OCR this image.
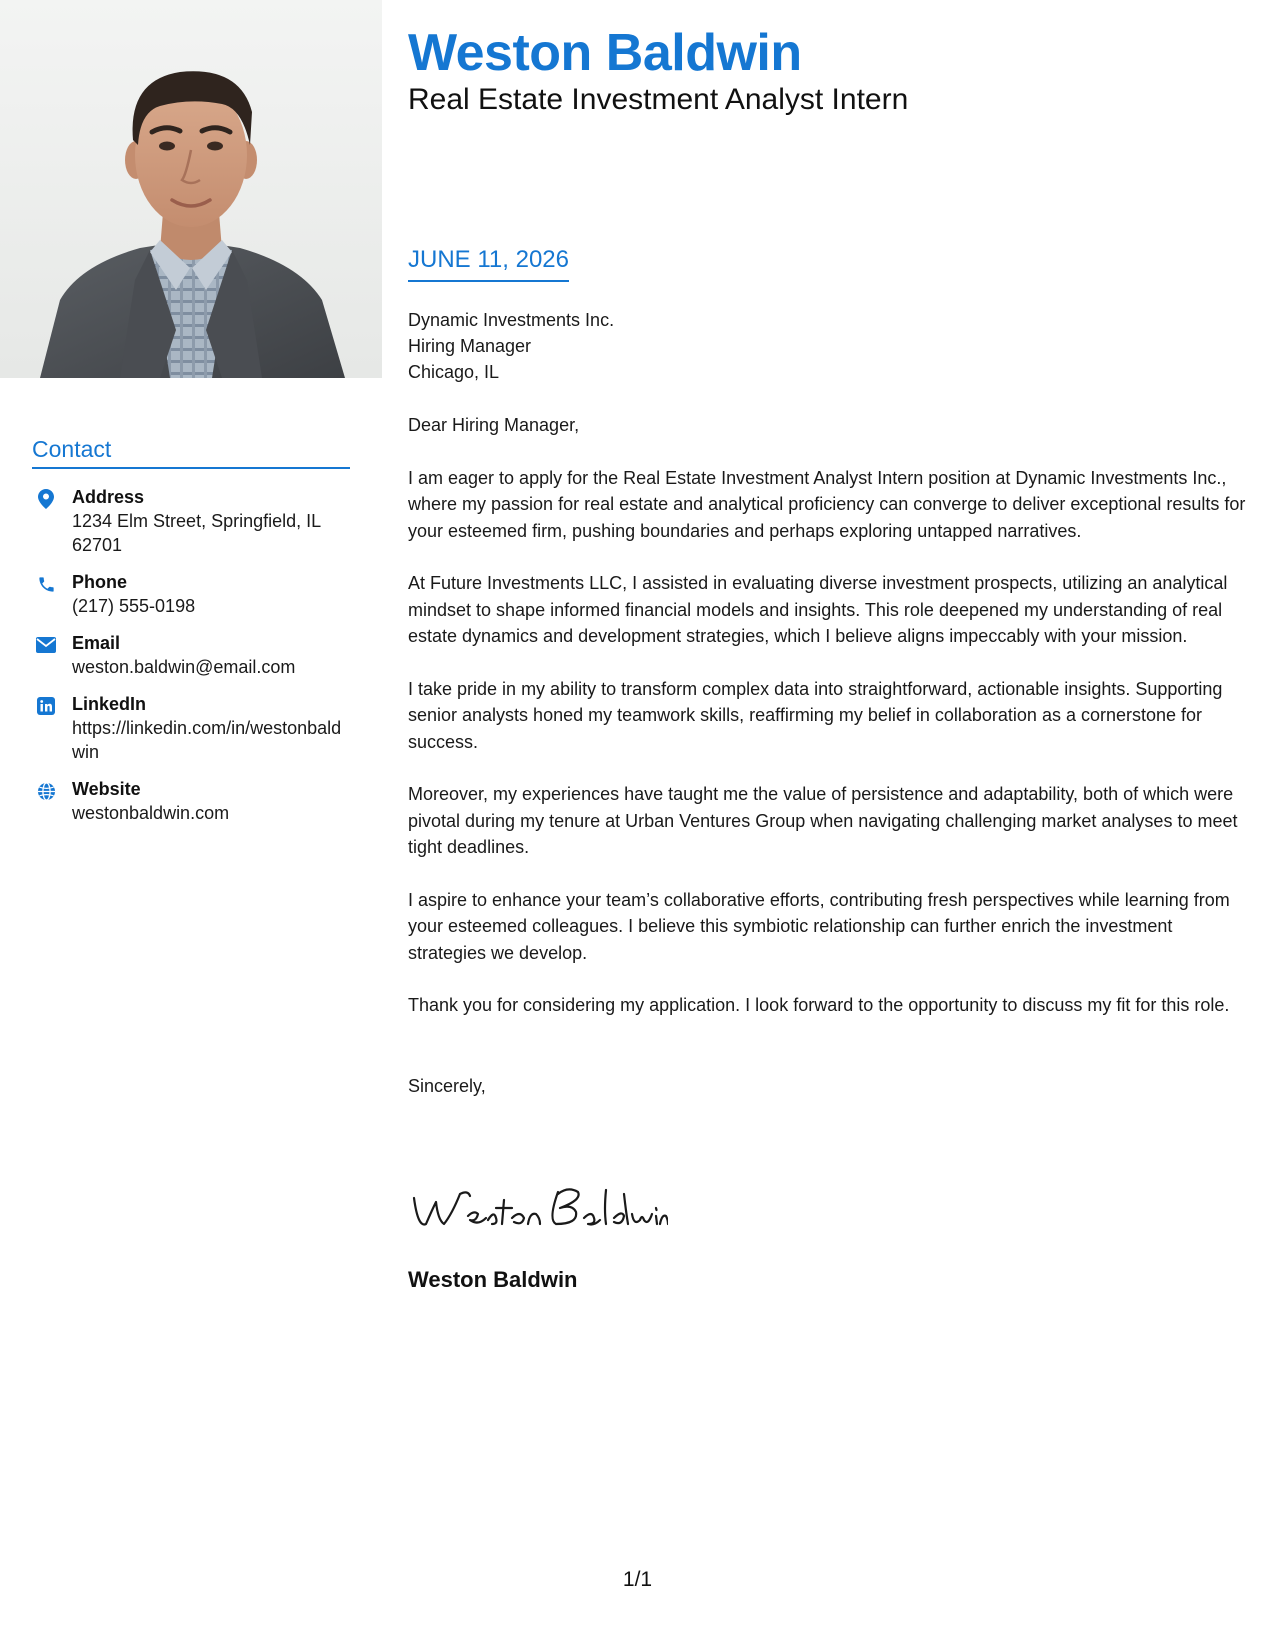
Contact
Address
1234 Elm Street, Springfield, IL 62701
Phone
(217) 555-0198
Email
weston.baldwin@email.com
LinkedIn
https://linkedin.com/in/westonbaldwin
Website
westonbaldwin.com
Weston Baldwin
Real Estate Investment Analyst Intern
JUNE 11, 2026
Dynamic Investments Inc.
Hiring Manager
Chicago, IL
Dear Hiring Manager,
I am eager to apply for the Real Estate Investment Analyst Intern position at Dynamic Investments Inc., where my passion for real estate and analytical proficiency can converge to deliver exceptional results for your esteemed firm, pushing boundaries and perhaps exploring untapped narratives.
At Future Investments LLC, I assisted in evaluating diverse investment prospects, utilizing an analytical mindset to shape informed financial models and insights. This role deepened my understanding of real estate dynamics and development strategies, which I believe aligns impeccably with your mission.
I take pride in my ability to transform complex data into straightforward, actionable insights. Supporting senior analysts honed my teamwork skills, reaffirming my belief in collaboration as a cornerstone for success.
Moreover, my experiences have taught me the value of persistence and adaptability, both of which were pivotal during my tenure at Urban Ventures Group when navigating challenging market analyses to meet tight deadlines.
I aspire to enhance your team’s collaborative efforts, contributing fresh perspectives while learning from your esteemed colleagues. I believe this symbiotic relationship can further enrich the investment strategies we develop.
Thank you for considering my application. I look forward to the opportunity to discuss my fit for this role.
Sincerely,
Weston Baldwin
1/1
